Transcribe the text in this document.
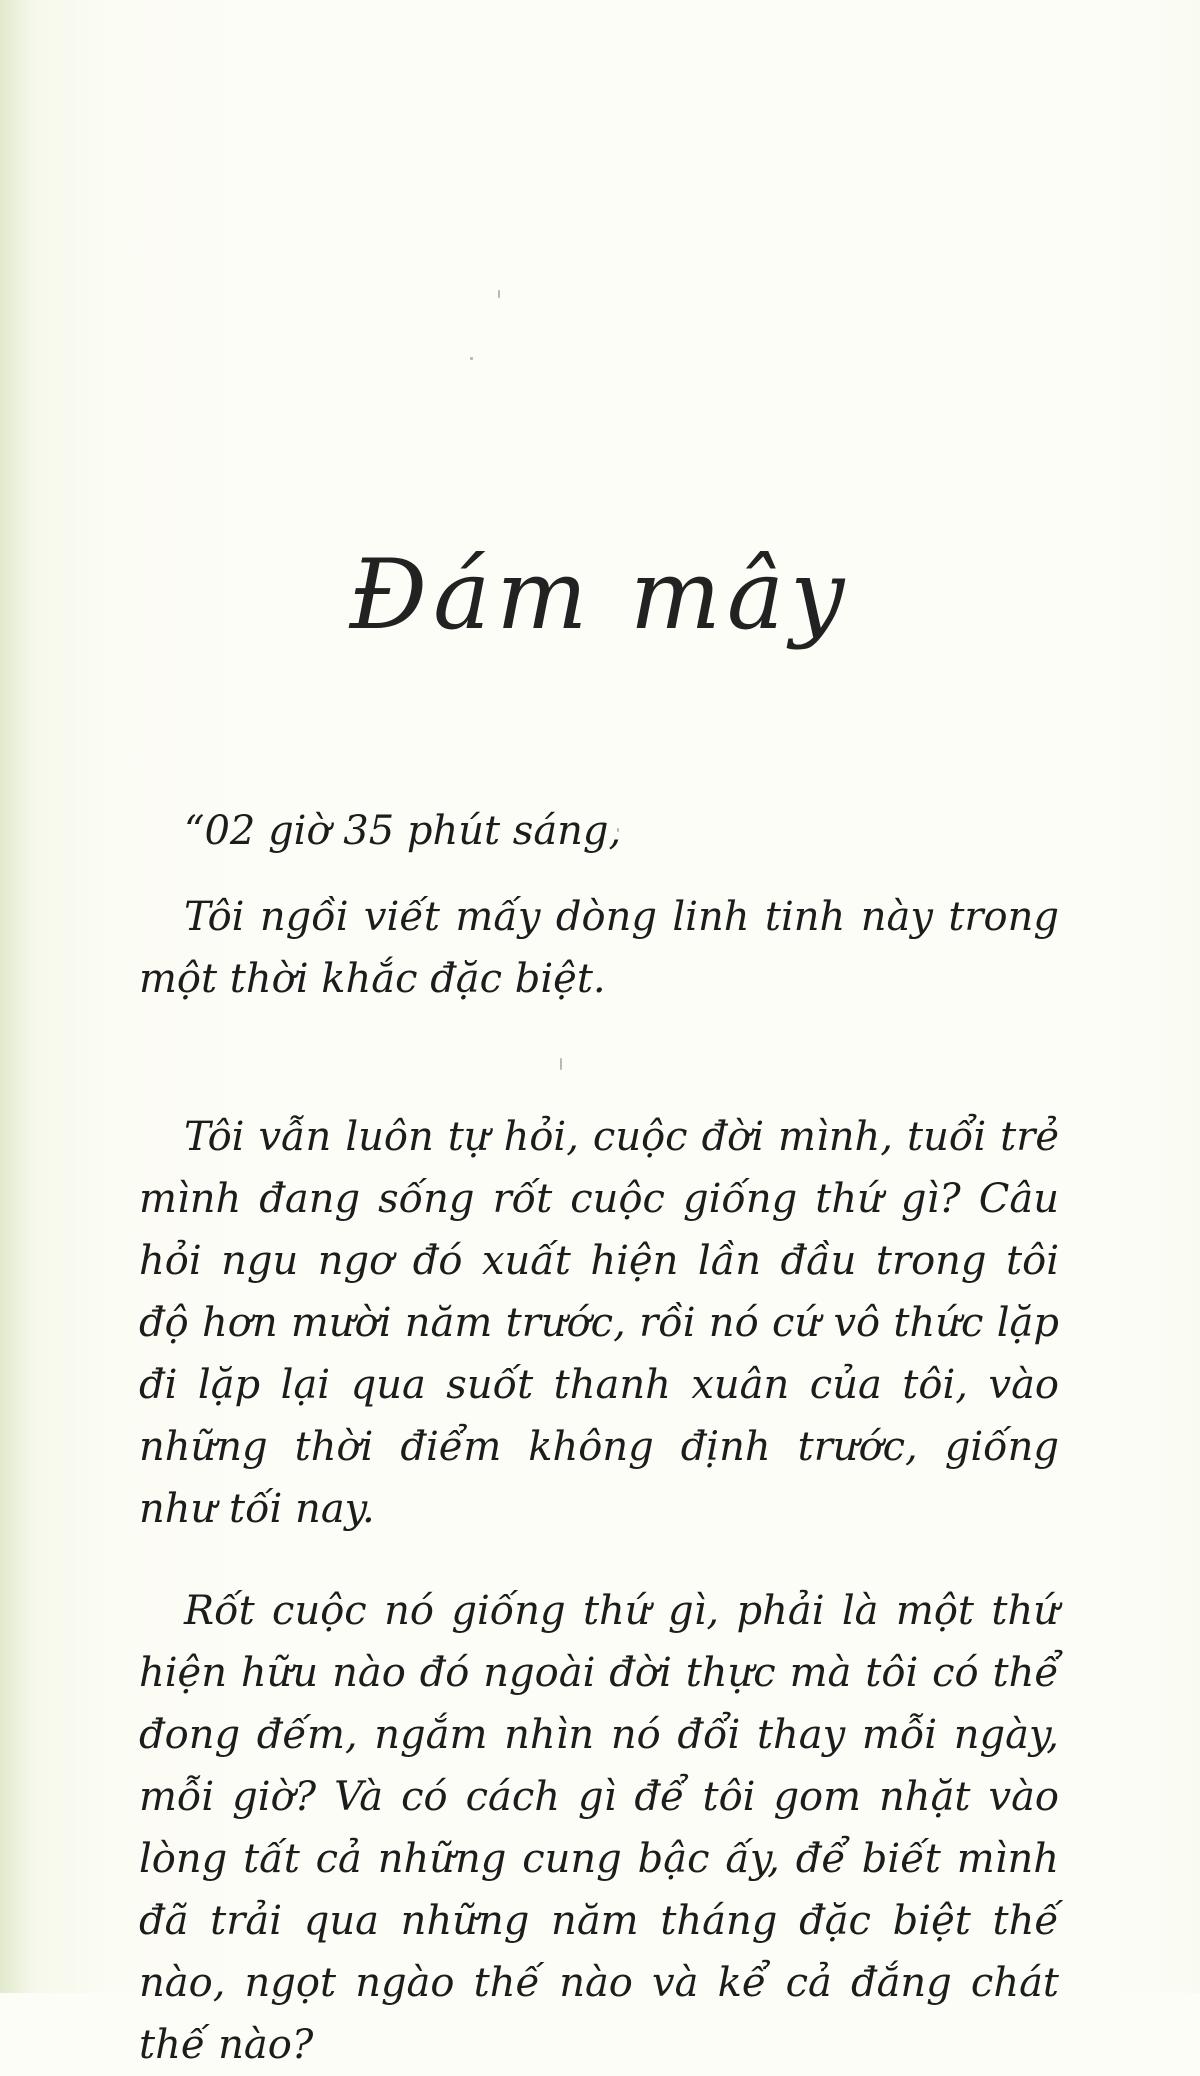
Đám mây

“02 giờ 35 phút sáng,

Tôi ngồi viết mấy dòng linh tinh này trong một thời khắc đặc biệt.

Tôi vẫn luôn tự hỏi, cuộc đời mình, tuổi trẻ mình đang sống rốt cuộc giống thứ gì? Câu hỏi ngu ngơ đó xuất hiện lần đầu trong tôi độ hơn mười năm trước, rồi nó cứ vô thức lặp đi lặp lại qua suốt thanh xuân của tôi, vào những thời điểm không định trước, giống như tối nay.

Rốt cuộc nó giống thứ gì, phải là một thứ hiện hữu nào đó ngoài đời thực mà tôi có thể đong đếm, ngắm nhìn nó đổi thay mỗi ngày, mỗi giờ? Và có cách gì để tôi gom nhặt vào lòng tất cả những cung bậc ấy, để biết mình đã trải qua những năm tháng đặc biệt thế nào, ngọt ngào thế nào và kể cả đắng chát thế nào?
